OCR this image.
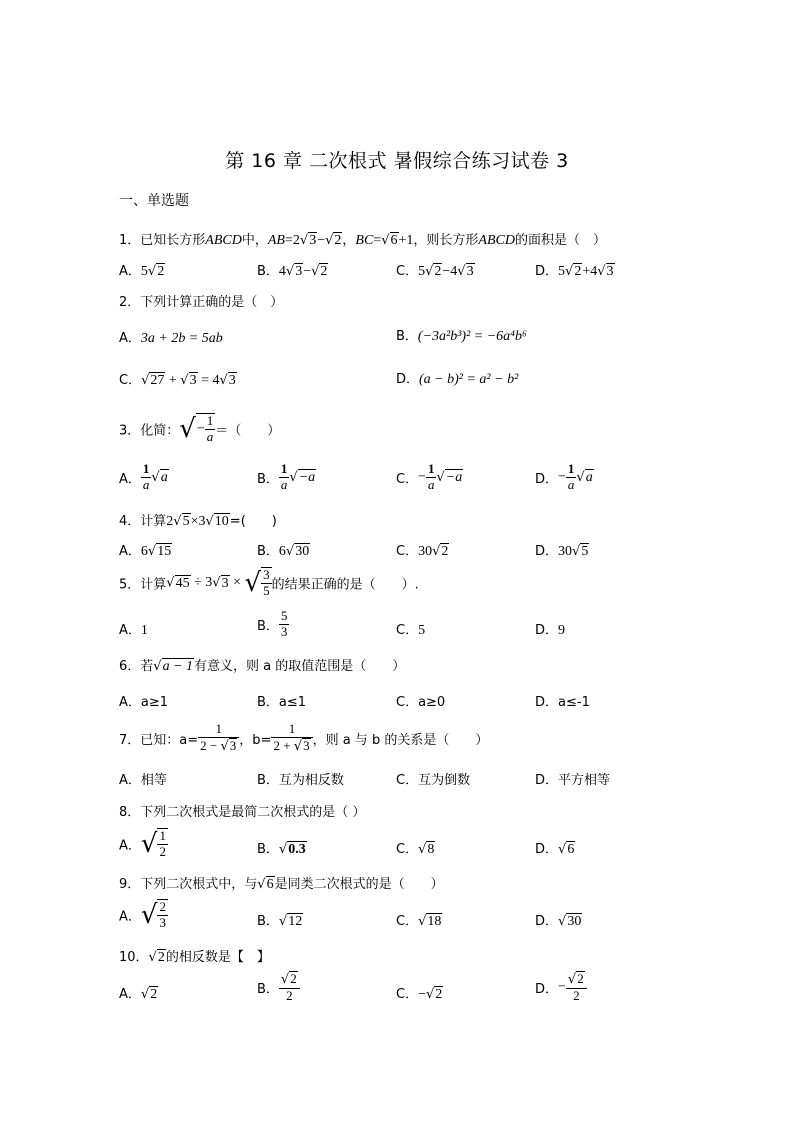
第 16 章 二次根式 暑假综合练习试卷 3
一、单选题
1．已知长方形ABCD中，AB=2√3−√2，BC=√6+1，则长方形ABCD的面积是（　）
A．5√2	B．4√3−√2	C．5√2−4√3	D．5√2+4√3
2．下列计算正确的是（　）
A．3a + 2b = 5ab	B．(−3a²b³)² = −6a⁴b⁶
C．√27 + √3 = 4√3	D．(a − b)² = a² − b²
3．化简：√− $\frac{1}{a}$ ＝（　　）
A． $\frac{1}{a} √a$	B． $\frac{1}{a} √-a$	C．− $\frac{1}{a} √-a$	D．− $\frac{1}{a} √a$
4．计算2√5×3√10=(　　)
A．6√15	B．6√30	C．30√2	D．30√5
5．计算√45 ÷ 3√3 × √ $\frac{3}{5}$ 的结果正确的是（　　）.
A．1	B． $\frac{5}{3}$	C．5	D．9
6．若√a − 1有意义，则 a 的取值范围是（　　）
A．a≥1	B．a≤1	C．a≥0	D．a≤-1
7．已知：$a= \frac{1}{2 - √3}$ ，$b= \frac{1}{2 + √3}$ ，则 a 与 b 的关系是（　　）
A．相等	B．互为相反数	C．互为倒数	D．平方相等
8．下列二次根式是最简二次根式的是（ ）
A．√ $\frac{1}{2}$	B．√0.3	C．√8	D．√6
9．下列二次根式中，与√6是同类二次根式的是（　　）
A．√ $\frac{2}{3}$	B．√12	C．√18	D．√30
10．√2的相反数是【　】
A．√2	B． $\frac{√2}{2}$	C．−√2	D．− $\frac{√2}{2}$
